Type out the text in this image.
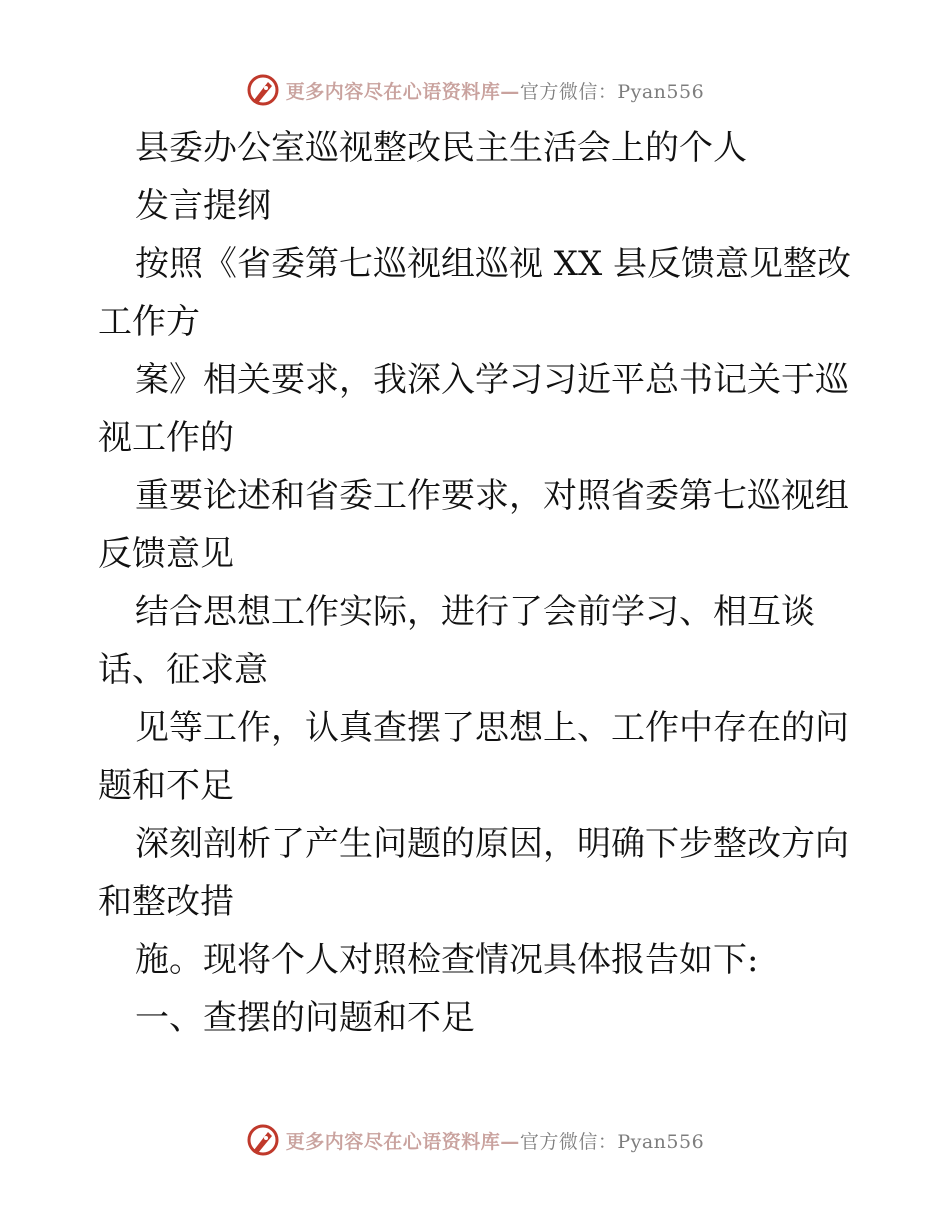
更多内容尽在心语资料库—官方微信：Pyan556
县委办公室巡视整改民主生活会上的个人
发言提纲
按照《省委第七巡视组巡视 XX 县反馈意见整改
工作方
案》相关要求，我深入学习习近平总书记关于巡
视工作的
重要论述和省委工作要求，对照省委第七巡视组
反馈意见
结合思想工作实际，进行了会前学习、相互谈
话、征求意
见等工作，认真查摆了思想上、工作中存在的问
题和不足
深刻剖析了产生问题的原因，明确下步整改方向
和整改措
施。现将个人对照检查情况具体报告如下:
一、查摆的问题和不足
更多内容尽在心语资料库—官方微信：Pyan556
